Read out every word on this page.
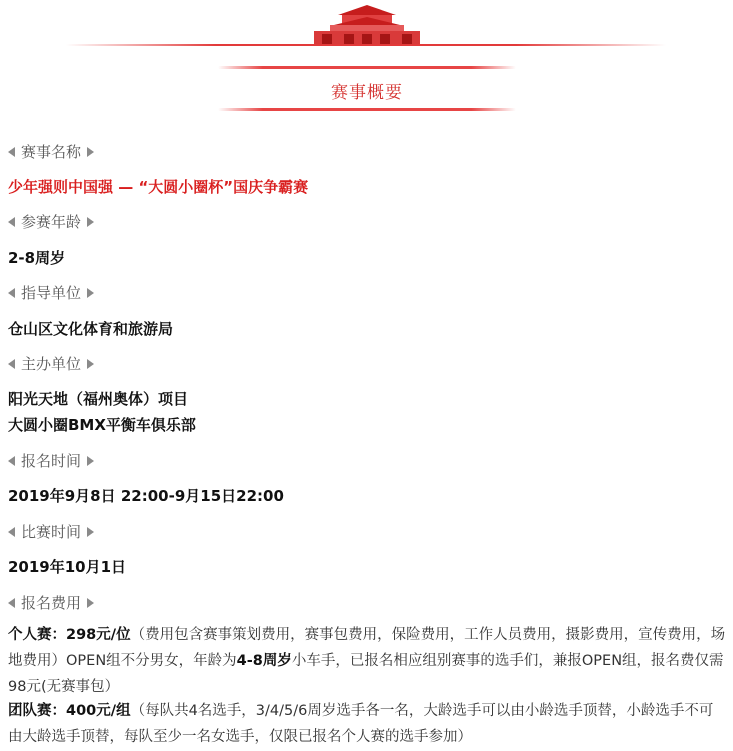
赛事概要
赛事名称
少年强则中国强 — “大圆小圈杯”国庆争霸赛
参赛年龄
2-8周岁
指导单位
仓山区文化体育和旅游局
主办单位
阳光天地（福州奥体）项目
大圆小圈BMX平衡车俱乐部
报名时间
2019年9月8日 22:00-9月15日22:00
比赛时间
2019年10月1日
报名费用
个人赛：298元/位（费用包含赛事策划费用，赛事包费用，保险费用，工作人员费用，摄影费用，宣传费用，场地费用）OPEN组不分男女，年龄为4-8周岁小车手，已报名相应组别赛事的选手们，兼报OPEN组，报名费仅需98元(无赛事包）
团队赛：400元/组（每队共4名选手，3/4/5/6周岁选手各一名，大龄选手可以由小龄选手顶替，小龄选手不可由大龄选手顶替，每队至少一名女选手，仅限已报名个人赛的选手参加）
